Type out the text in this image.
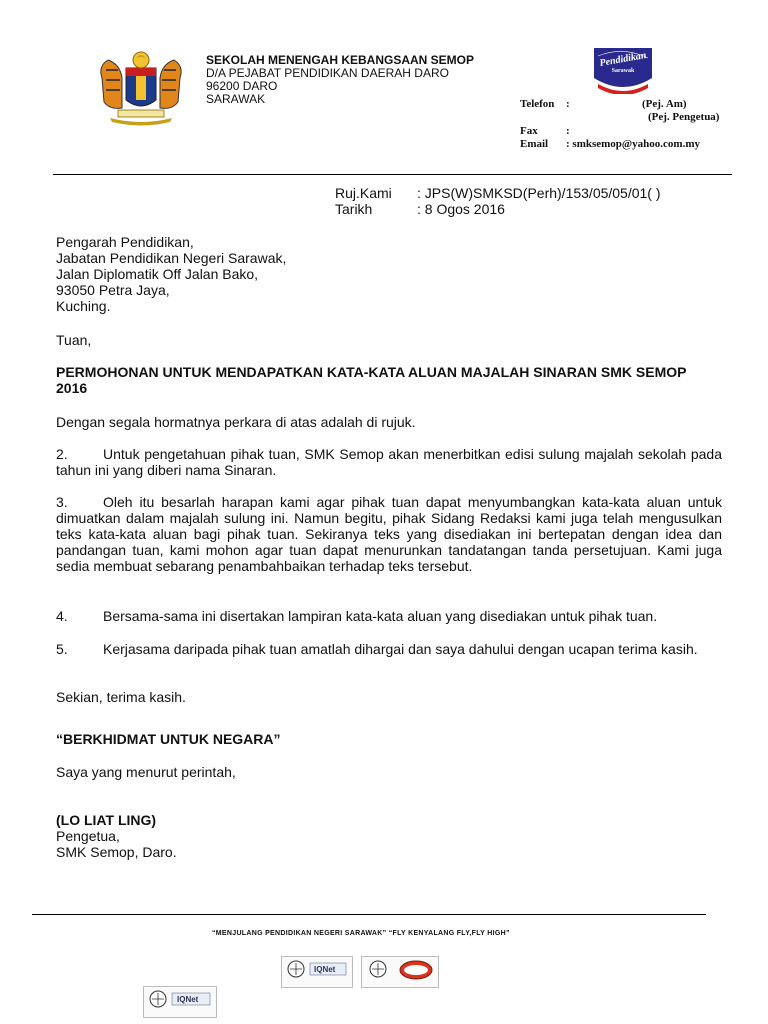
SEKOLAH MENENGAH KEBANGSAAN SEMOP
D/A PEJABAT PENDIDIKAN DAERAH DARO
96200 DARO
SARAWAK
Pendidikan
Sarawak
Telefon :	(Pej. Am)
(Pej. Pengetua)
Fax	:
Email : smksemop@yahoo.com.my
Ruj.Kami : JPS(W)SMKSD(Perh)/153/05/05/01( )
Tarikh	: 8 Ogos 2016
Pengarah Pendidikan,
Jabatan Pendidikan Negeri Sarawak,
Jalan Diplomatik Off Jalan Bako,
93050 Petra Jaya,
Kuching.
Tuan,
PERMOHONAN UNTUK MENDAPATKAN KATA-KATA ALUAN MAJALAH SINARAN SMK SEMOP 2016
Dengan segala hormatnya perkara di atas adalah di rujuk.
2.	Untuk pengetahuan pihak tuan, SMK Semop akan menerbitkan edisi sulung majalah sekolah pada tahun ini yang diberi nama Sinaran.
3.	Oleh itu besarlah harapan kami agar pihak tuan dapat menyumbangkan kata-kata aluan untuk dimuatkan dalam majalah sulung ini. Namun begitu, pihak Sidang Redaksi kami juga telah mengusulkan teks kata-kata aluan bagi pihak tuan. Sekiranya teks yang disediakan ini bertepatan dengan idea dan pandangan tuan, kami mohon agar tuan dapat menurunkan tandatangan tanda persetujuan. Kami juga sedia membuat sebarang penambahbaikan terhadap teks tersebut.
4.	Bersama-sama ini disertakan lampiran kata-kata aluan yang disediakan untuk pihak tuan.
5.	Kerjasama daripada pihak tuan amatlah dihargai dan saya dahului dengan ucapan terima kasih.
Sekian, terima kasih.
“BERKHIDMAT UNTUK NEGARA”
Saya yang menurut perintah,
(LO LIAT LING)
Pengetua,
SMK Semop, Daro.
“MENJULANG PENDIDIKAN NEGERI SARAWAK” “FLY KENYALANG FLY,FLY HIGH”
IQNet
IQNet
